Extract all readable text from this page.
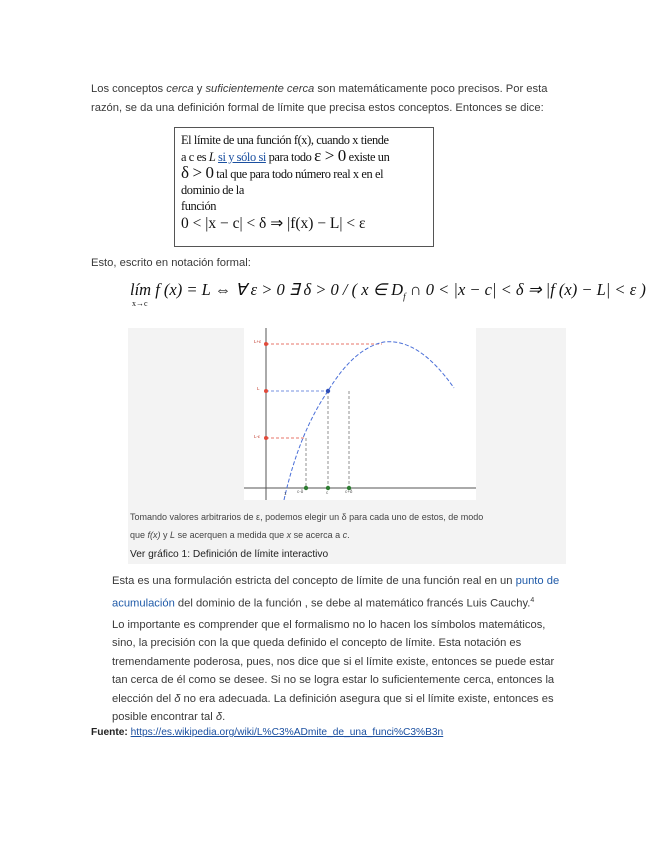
Los conceptos cerca y suficientemente cerca son matemáticamente poco precisos. Por esta razón, se da una definición formal de límite que precisa estos conceptos. Entonces se dice:
El límite de una función f(x), cuando x tiende
a c es L si y sólo si para todo ε > 0 existe un
δ > 0 tal que para todo número real x en el
dominio de la
función
0 < |x − c| < δ ⇒ |f(x) − L| < ε
Esto, escrito en notación formal:
lím
x→c
f (x) = L ⇔ ∀ ε > 0 ∃ δ > 0 / ( x ∈ $D_f$ ∩ 0 < |x − c| < δ ⇒ |f (x) − L| < ε )
L+ε
L
L-ε
1 c-δ	c	c+δ
Tomando valores arbitrarios de ε, podemos elegir un δ para cada uno de estos, de modo
que f(x) y L se acerquen a medida que x se acerca a c.
Ver gráfico 1: Definición de límite interactivo
Esta es una formulación estricta del concepto de límite de una función real en un punto de acumulación del dominio de la función , se debe al matemático francés Luis Cauchy.$^4$
Lo importante es comprender que el formalismo no lo hacen los símbolos matemáticos, sino, la precisión con la que queda definido el concepto de límite. Esta notación es tremendamente poderosa, pues, nos dice que si el límite existe, entonces se puede estar tan cerca de él como se desee. Si no se logra estar lo suficientemente cerca, entonces la elección del δ no era adecuada. La definición asegura que si el límite existe, entonces es posible encontrar tal δ.
Fuente: https://es.wikipedia.org/wiki/L%C3%ADmite_de_una_funci%C3%B3n
